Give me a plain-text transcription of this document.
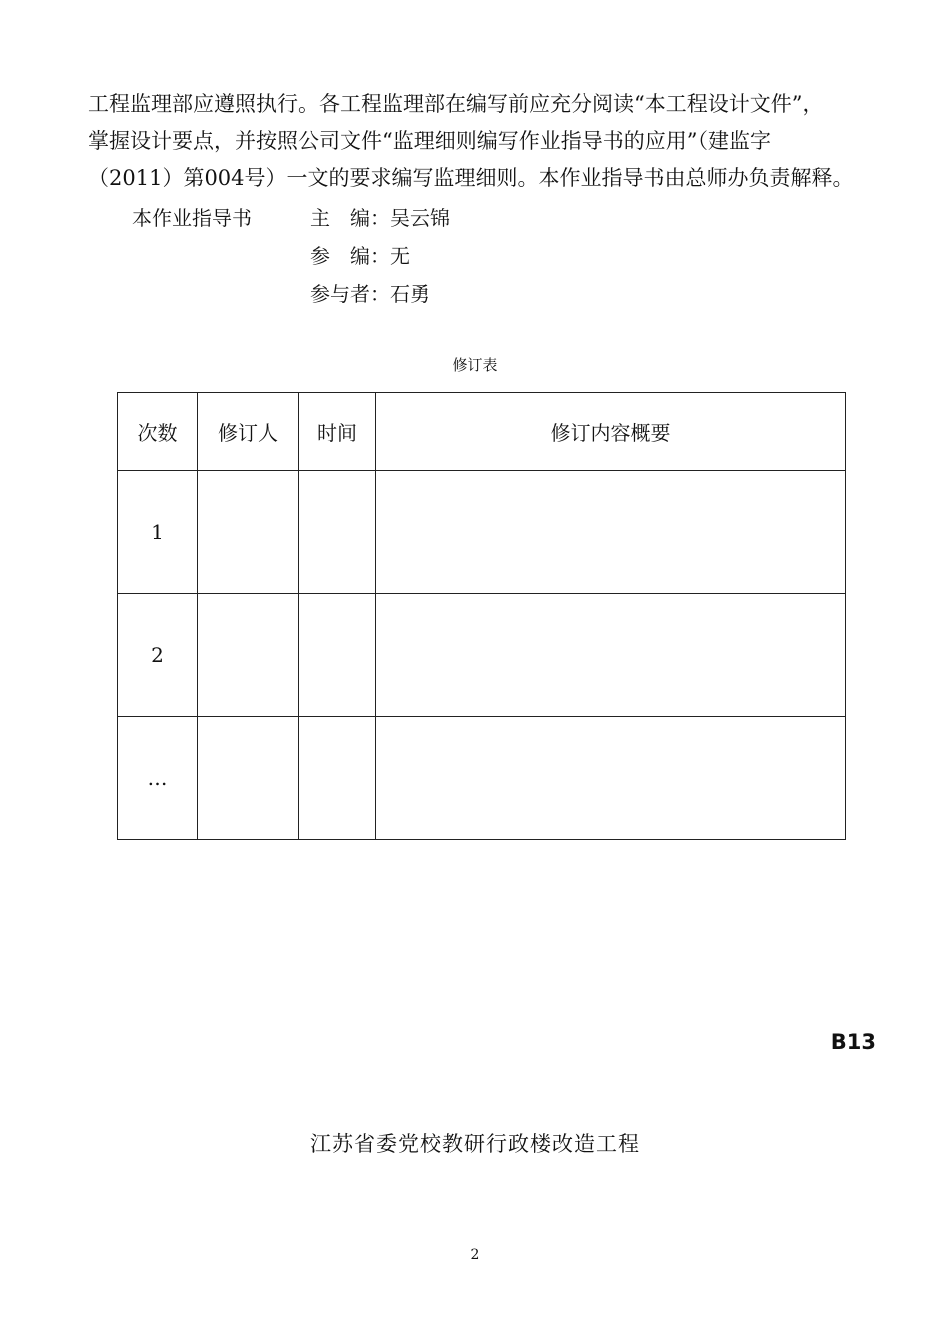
工程监理部应遵照执行。各工程监理部在编写前应充分阅读“本工程设计文件”，

掌握设计要点，并按照公司文件“监理细则编写作业指导书的应用”（建监字

（2011）第004号）一文的要求编写监理细则。本作业指导书由总师办负责解释。

本作业指导书	主　编：吴云锦
参　编：无
参与者：石勇
修订表
次数	修订人	时间	修订内容概要
1			
2			
…			
B13
江苏省委党校教研行政楼改造工程
2
